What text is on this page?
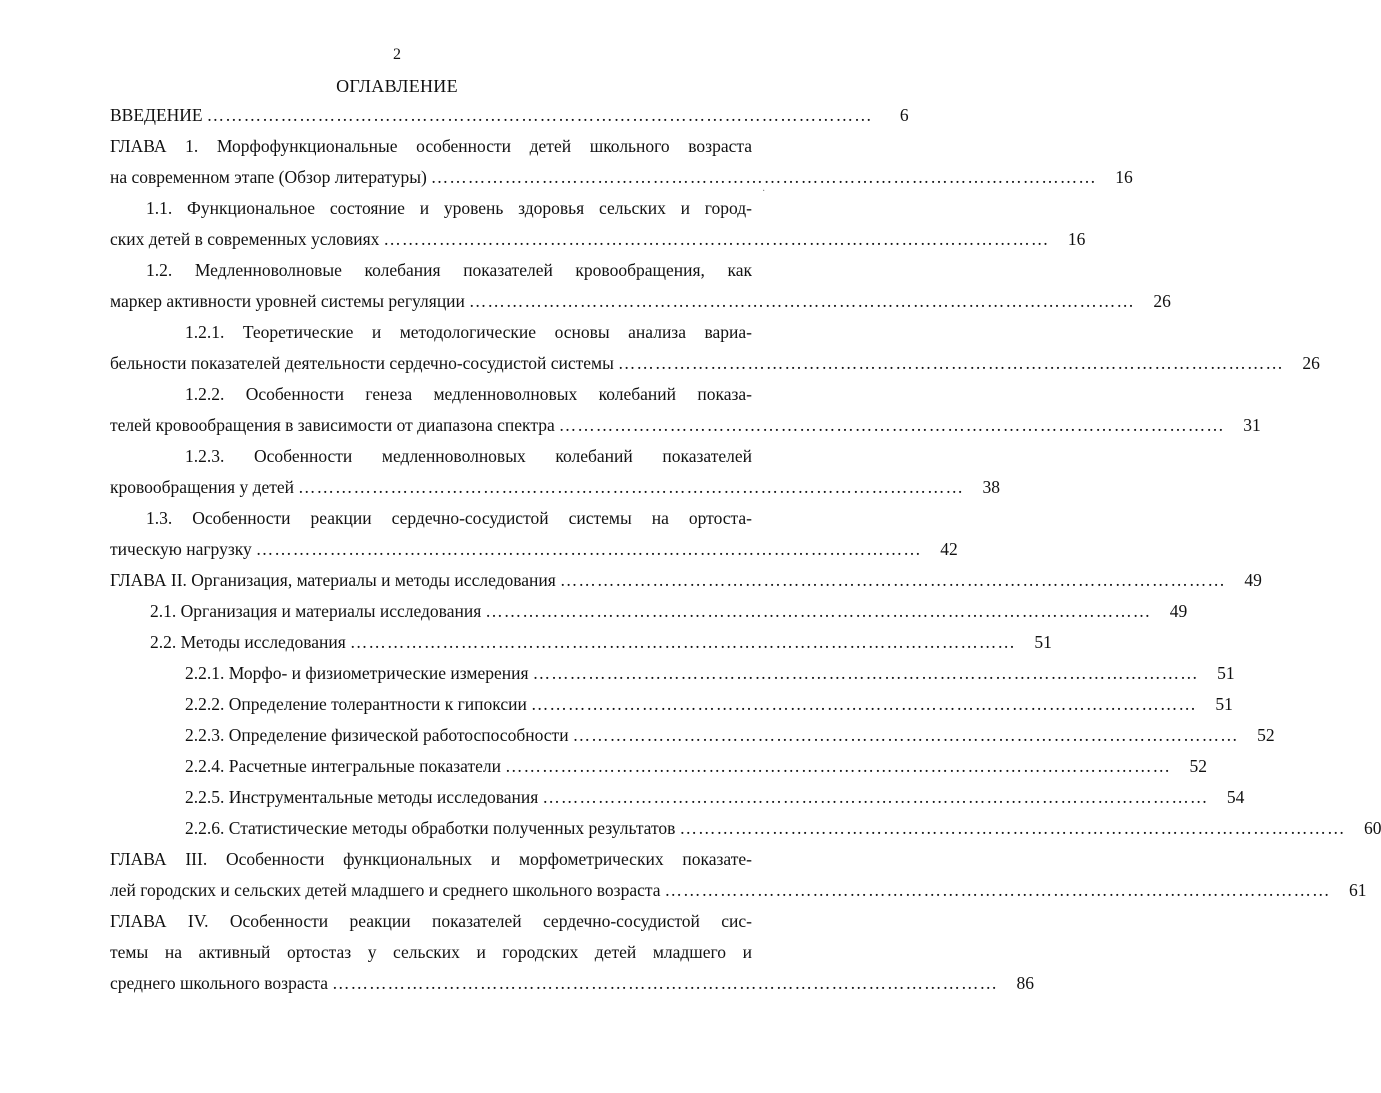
2
ОГЛАВЛЕНИЕ
·
ВВЕДЕНИЕ ………………………………………………………………………………………………	6
ГЛАВА 1. Морфофункциональные особенности детей школьного возраста
на современном этапе (Обзор литературы) ………………………………………………………………………………………………	16
1.1. Функциональное состояние и уровень здоровья сельских и город-
ских детей в современных условиях ………………………………………………………………………………………………	16
1.2. Медленноволновые колебания показателей кровообращения, как
маркер активности уровней системы регуляции ………………………………………………………………………………………………	26
1.2.1. Теоретические и методологические основы анализа вариа-
бельности показателей деятельности сердечно-сосудистой системы ………………………………………………………………………………………………	26
1.2.2. Особенности генеза медленноволновых колебаний показа-
телей кровообращения в зависимости от диапазона спектра ………………………………………………………………………………………………	31
1.2.3. Особенности медленноволновых колебаний показателей
кровообращения у детей ………………………………………………………………………………………………	38
1.3. Особенности реакции сердечно-сосудистой системы на ортоста-
тическую нагрузку ………………………………………………………………………………………………	42
ГЛАВА II. Организация, материалы и методы исследования ………………………………………………………………………………………………	49
2.1. Организация и материалы исследования ………………………………………………………………………………………………	49
2.2. Методы исследования ………………………………………………………………………………………………	51
2.2.1. Морфо- и физиометрические измерения ………………………………………………………………………………………………	51
2.2.2. Определение толерантности к гипоксии ………………………………………………………………………………………………	51
2.2.3. Определение физической работоспособности ………………………………………………………………………………………………	52
2.2.4. Расчетные интегральные показатели ………………………………………………………………………………………………	52
2.2.5. Инструментальные методы исследования ………………………………………………………………………………………………	54
2.2.6. Статистические методы обработки полученных результатов ………………………………………………………………………………………………	60
ГЛАВА III. Особенности функциональных и морфометрических показате-
лей городских и сельских детей младшего и среднего школьного возраста ………………………………………………………………………………………………	61
ГЛАВА IV. Особенности реакции показателей сердечно-сосудистой сис-
темы на активный ортостаз у сельских и городских детей младшего и
среднего школьного возраста ………………………………………………………………………………………………	86
